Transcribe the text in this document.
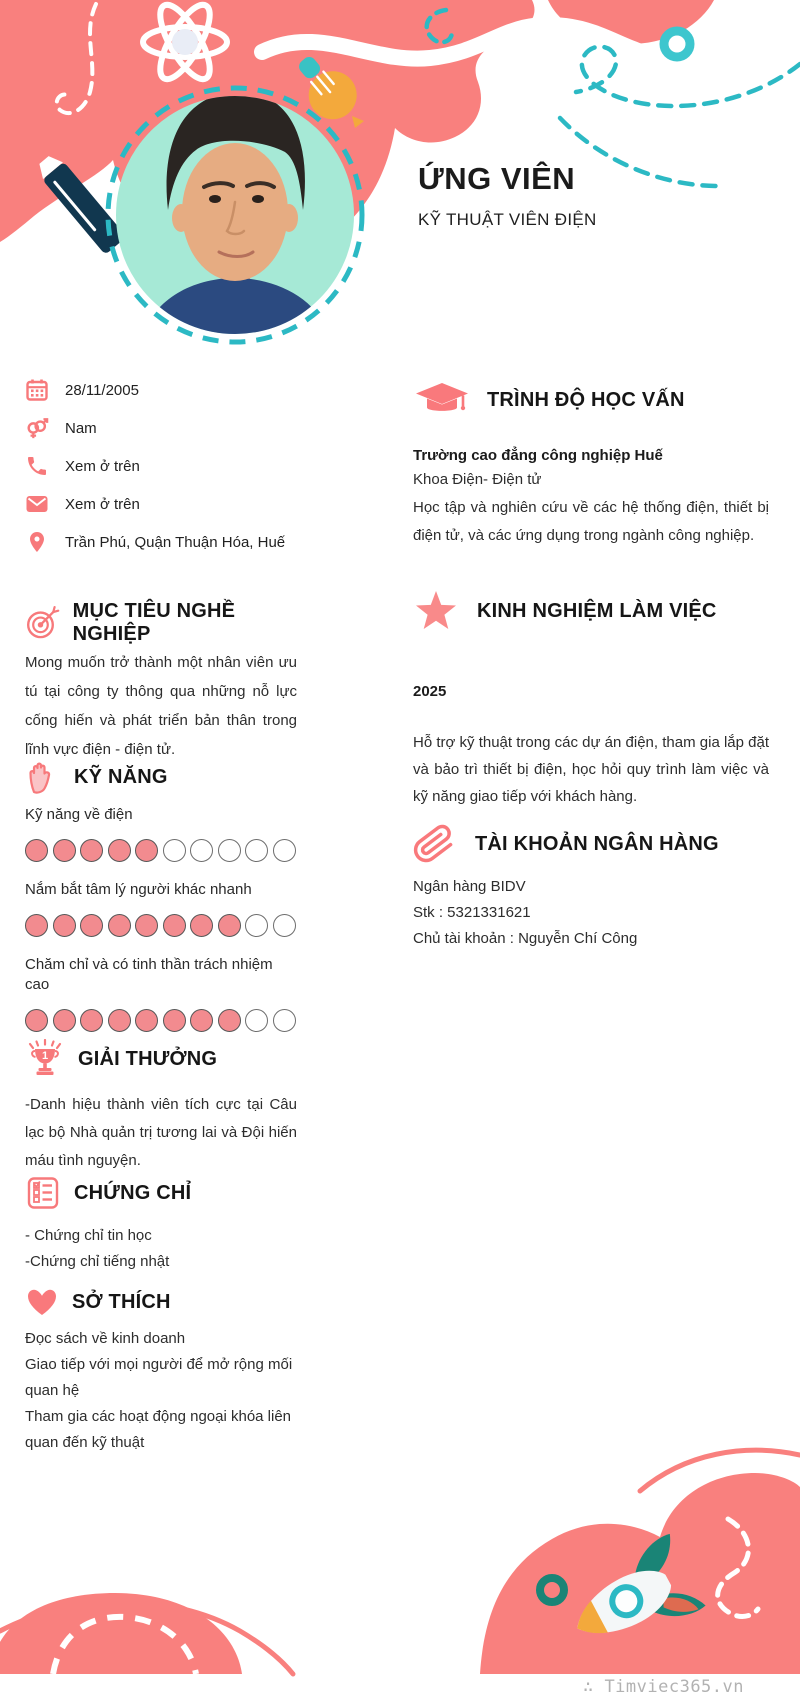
ỨNG VIÊN
KỸ THUẬT VIÊN ĐIỆN
28/11/2005
Nam
Xem ở trên
Xem ở trên
Trần Phú, Quận Thuận Hóa, Huế
MỤC TIÊU NGHỀ NGHIỆP
Mong muốn trở thành một nhân viên ưu tú tại công ty thông qua những nỗ lực cống hiến và phát triển bản thân trong lĩnh vực điện - điện tử.
KỸ NĂNG
Kỹ năng về điện
Nắm bắt tâm lý người khác nhanh
Chăm chỉ và có tinh thần trách nhiệm cao
1 GIẢI THƯỞNG
-Danh hiệu thành viên tích cực tại Câu lạc bộ Nhà quản trị tương lai và Đội hiến máu tình nguyện.
CHỨNG CHỈ
- Chứng chỉ tin học
-Chứng chỉ tiếng nhật
SỞ THÍCH
Đọc sách về kinh doanh
Giao tiếp với mọi người để mở rộng mối quan hệ
Tham gia các hoạt động ngoại khóa liên quan đến kỹ thuật
TRÌNH ĐỘ HỌC VẤN
Trường cao đẳng công nghiệp Huế
Khoa Điện- Điện tử
Học tập và nghiên cứu về các hệ thống điện, thiết bị điện tử, và các ứng dụng trong ngành công nghiệp.
KINH NGHIỆM LÀM VIỆC
2025
Hỗ trợ kỹ thuật trong các dự án điện, tham gia lắp đặt và bảo trì thiết bị điện, học hỏi quy trình làm việc và kỹ năng giao tiếp với khách hàng.
TÀI KHOẢN NGÂN HÀNG
Ngân hàng BIDV
Stk : 5321331621
Chủ tài khoản : Nguyễn Chí Công
∴ Timviec365.vn
